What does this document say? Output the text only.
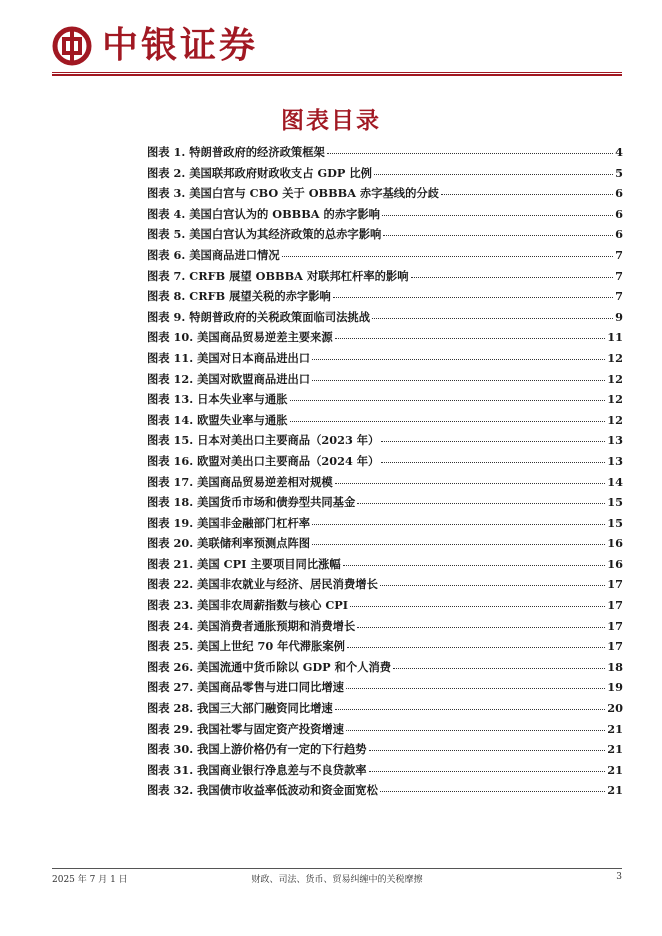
中银证券
图表目录
图表 1. 特朗普政府的经济政策框架	4
图表 2. 美国联邦政府财政收支占 GDP 比例	5
图表 3. 美国白宫与 CBO 关于 OBBBA 赤字基线的分歧	6
图表 4. 美国白宫认为的 OBBBA 的赤字影响	6
图表 5. 美国白宫认为其经济政策的总赤字影响	6
图表 6. 美国商品进口情况	7
图表 7. CRFB 展望 OBBBA 对联邦杠杆率的影响	7
图表 8. CRFB 展望关税的赤字影响	7
图表 9. 特朗普政府的关税政策面临司法挑战	9
图表 10. 美国商品贸易逆差主要来源	11
图表 11. 美国对日本商品进出口	12
图表 12. 美国对欧盟商品进出口	12
图表 13. 日本失业率与通胀	12
图表 14. 欧盟失业率与通胀	12
图表 15. 日本对美出口主要商品（2023 年）	13
图表 16. 欧盟对美出口主要商品（2024 年）	13
图表 17. 美国商品贸易逆差相对规模	14
图表 18. 美国货币市场和债券型共同基金	15
图表 19. 美国非金融部门杠杆率	15
图表 20. 美联储利率预测点阵图	16
图表 21. 美国 CPI 主要项目同比涨幅	16
图表 22. 美国非农就业与经济、居民消费增长	17
图表 23. 美国非农周薪指数与核心 CPI	17
图表 24. 美国消费者通胀预期和消费增长	17
图表 25. 美国上世纪 70 年代滞胀案例	17
图表 26. 美国流通中货币除以 GDP 和个人消费	18
图表 27. 美国商品零售与进口同比增速	19
图表 28. 我国三大部门融资同比增速	20
图表 29. 我国社零与固定资产投资增速	21
图表 30. 我国上游价格仍有一定的下行趋势	21
图表 31. 我国商业银行净息差与不良贷款率	21
图表 32. 我国债市收益率低波动和资金面宽松	21
2025 年 7 月 1 日	财政、司法、货币、贸易纠缠中的关税摩擦	3
